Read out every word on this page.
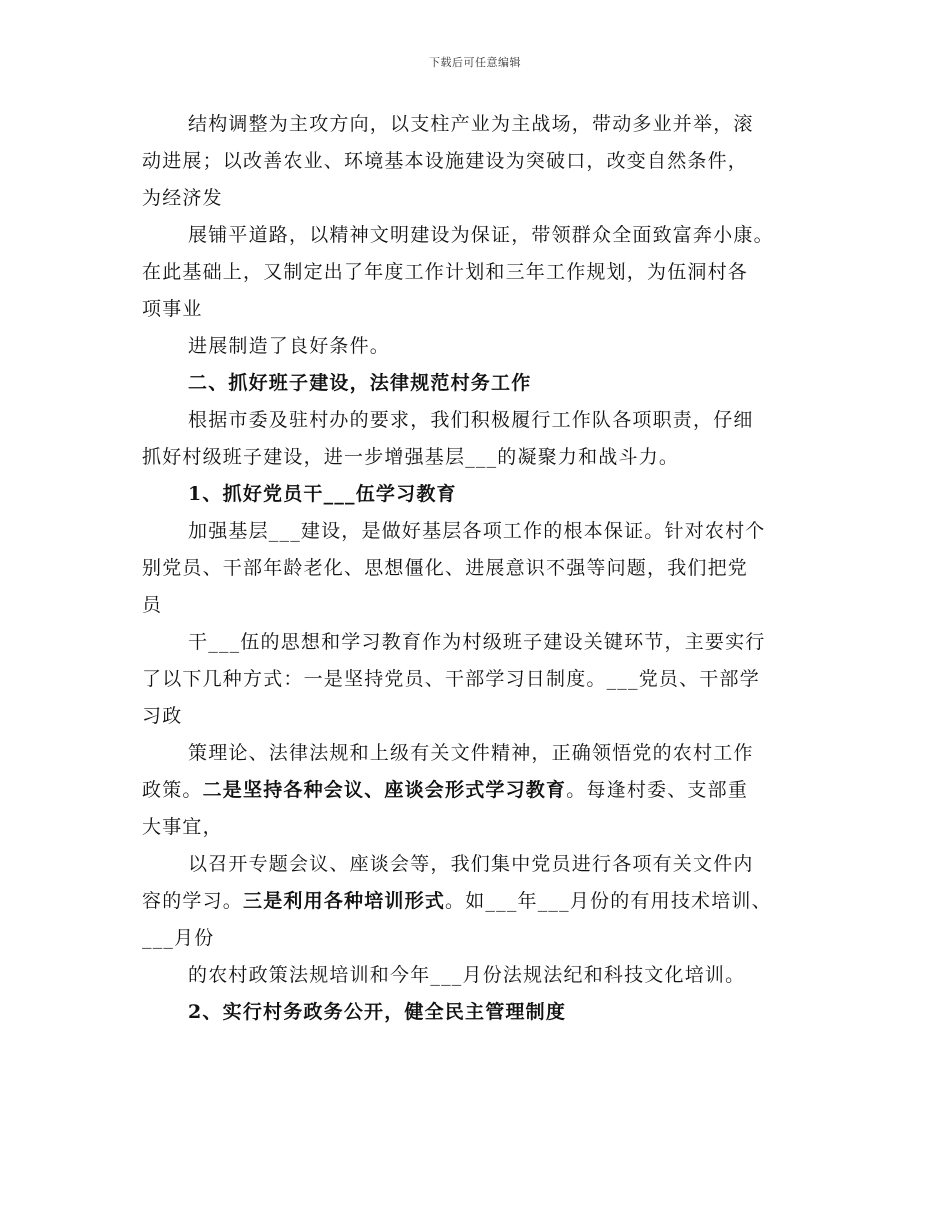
下载后可任意编辑
结构调整为主攻方向，以支柱产业为主战场，带动多业并举，滚
动进展；以改善农业、环境基本设施建设为突破口，改变自然条件，
为经济发
展铺平道路，以精神文明建设为保证，带领群众全面致富奔小康。
在此基础上，又制定出了年度工作计划和三年工作规划，为伍洞村各
项事业
进展制造了良好条件。
二、抓好班子建设，法律规范村务工作
根据市委及驻村办的要求，我们积极履行工作队各项职责，仔细
抓好村级班子建设，进一步增强基层___的凝聚力和战斗力。
1、抓好党员干___伍学习教育
加强基层___建设，是做好基层各项工作的根本保证。针对农村个
别党员、干部年龄老化、思想僵化、进展意识不强等问题，我们把党
员
干___伍的思想和学习教育作为村级班子建设关键环节，主要实行
了以下几种方式：一是坚持党员、干部学习日制度。___党员、干部学
习政
策理论、法律法规和上级有关文件精神，正确领悟党的农村工作
政策。二是坚持各种会议、座谈会形式学习教育。每逢村委、支部重
大事宜，
以召开专题会议、座谈会等，我们集中党员进行各项有关文件内
容的学习。三是利用各种培训形式。如___年___月份的有用技术培训、
___月份
的农村政策法规培训和今年___月份法规法纪和科技文化培训。
2、实行村务政务公开，健全民主管理制度
